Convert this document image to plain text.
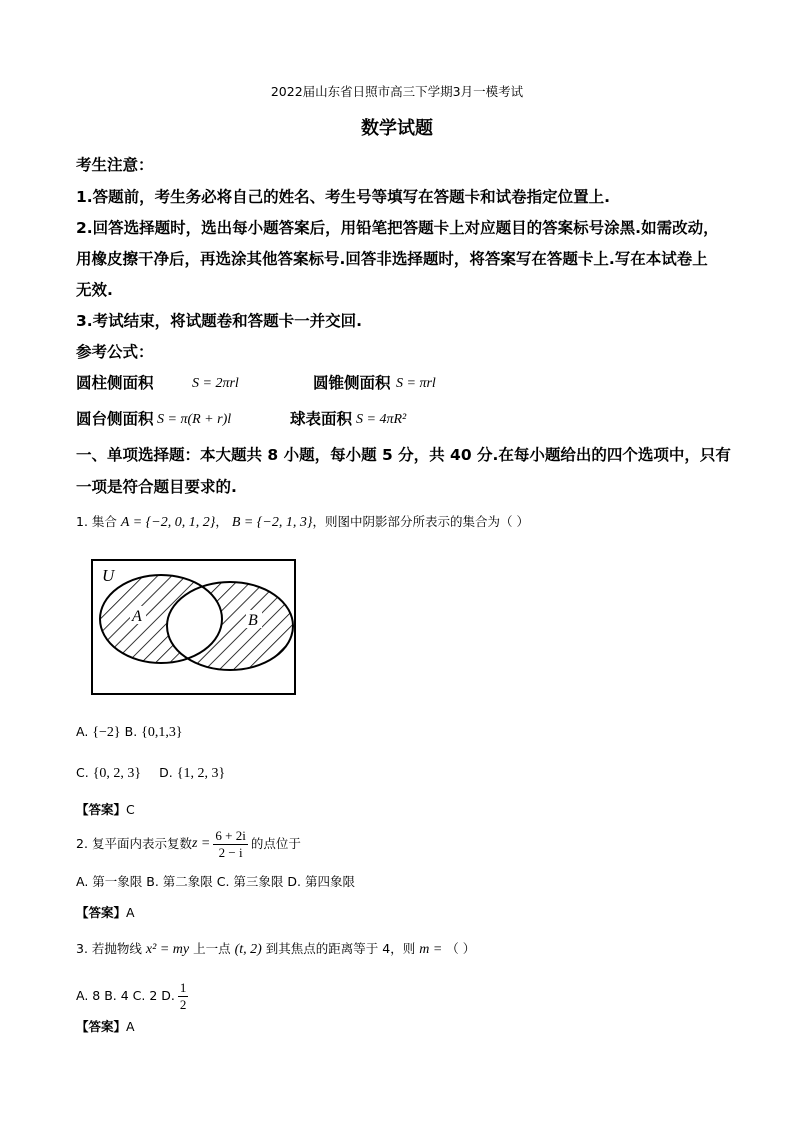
2022届山东省日照市高三下学期3月一模考试
数学试题
考生注意：
1.答题前，考生务必将自己的姓名、考生号等填写在答题卡和试卷指定位置上.
2.回答选择题时，选出每小题答案后，用铅笔把答题卡上对应题目的答案标号涂黑.如需改动，
用橡皮擦干净后，再选涂其他答案标号.回答非选择题时，将答案写在答题卡上.写在本试卷上
无效.
3.考试结束，将试题卷和答题卡一并交回.
参考公式：
圆柱侧面积	S = 2πrl	圆锥侧面积 S = πrl
圆台侧面积 S = π(R + r)l	球表面积 S = 4πR²
一、单项选择题：本大题共 8 小题，每小题 5 分，共 40 分.在每小题给出的四个选项中，只有
一项是符合题目要求的.
1. 集合 A = {−2, 0, 1, 2}， B = {−2, 1, 3}，则图中阴影部分所表示的集合为（ ）
U
A	B
A. {−2} B. {0,1,3}
C. {0, 2, 3} D. {1, 2, 3}
【答案】C
2. 复平面内表示复数 $z = \frac{6 + 2i}{2 - i}$ 的点位于
A. 第一象限 B. 第二象限 C. 第三象限 D. 第四象限
【答案】A
3. 若抛物线 x² = my 上一点 (t, 2) 到其焦点的距离等于 4，则 m = （ ）
A. 8 B. 4 C. 2 D. $\frac{1}{2}$
【答案】A
